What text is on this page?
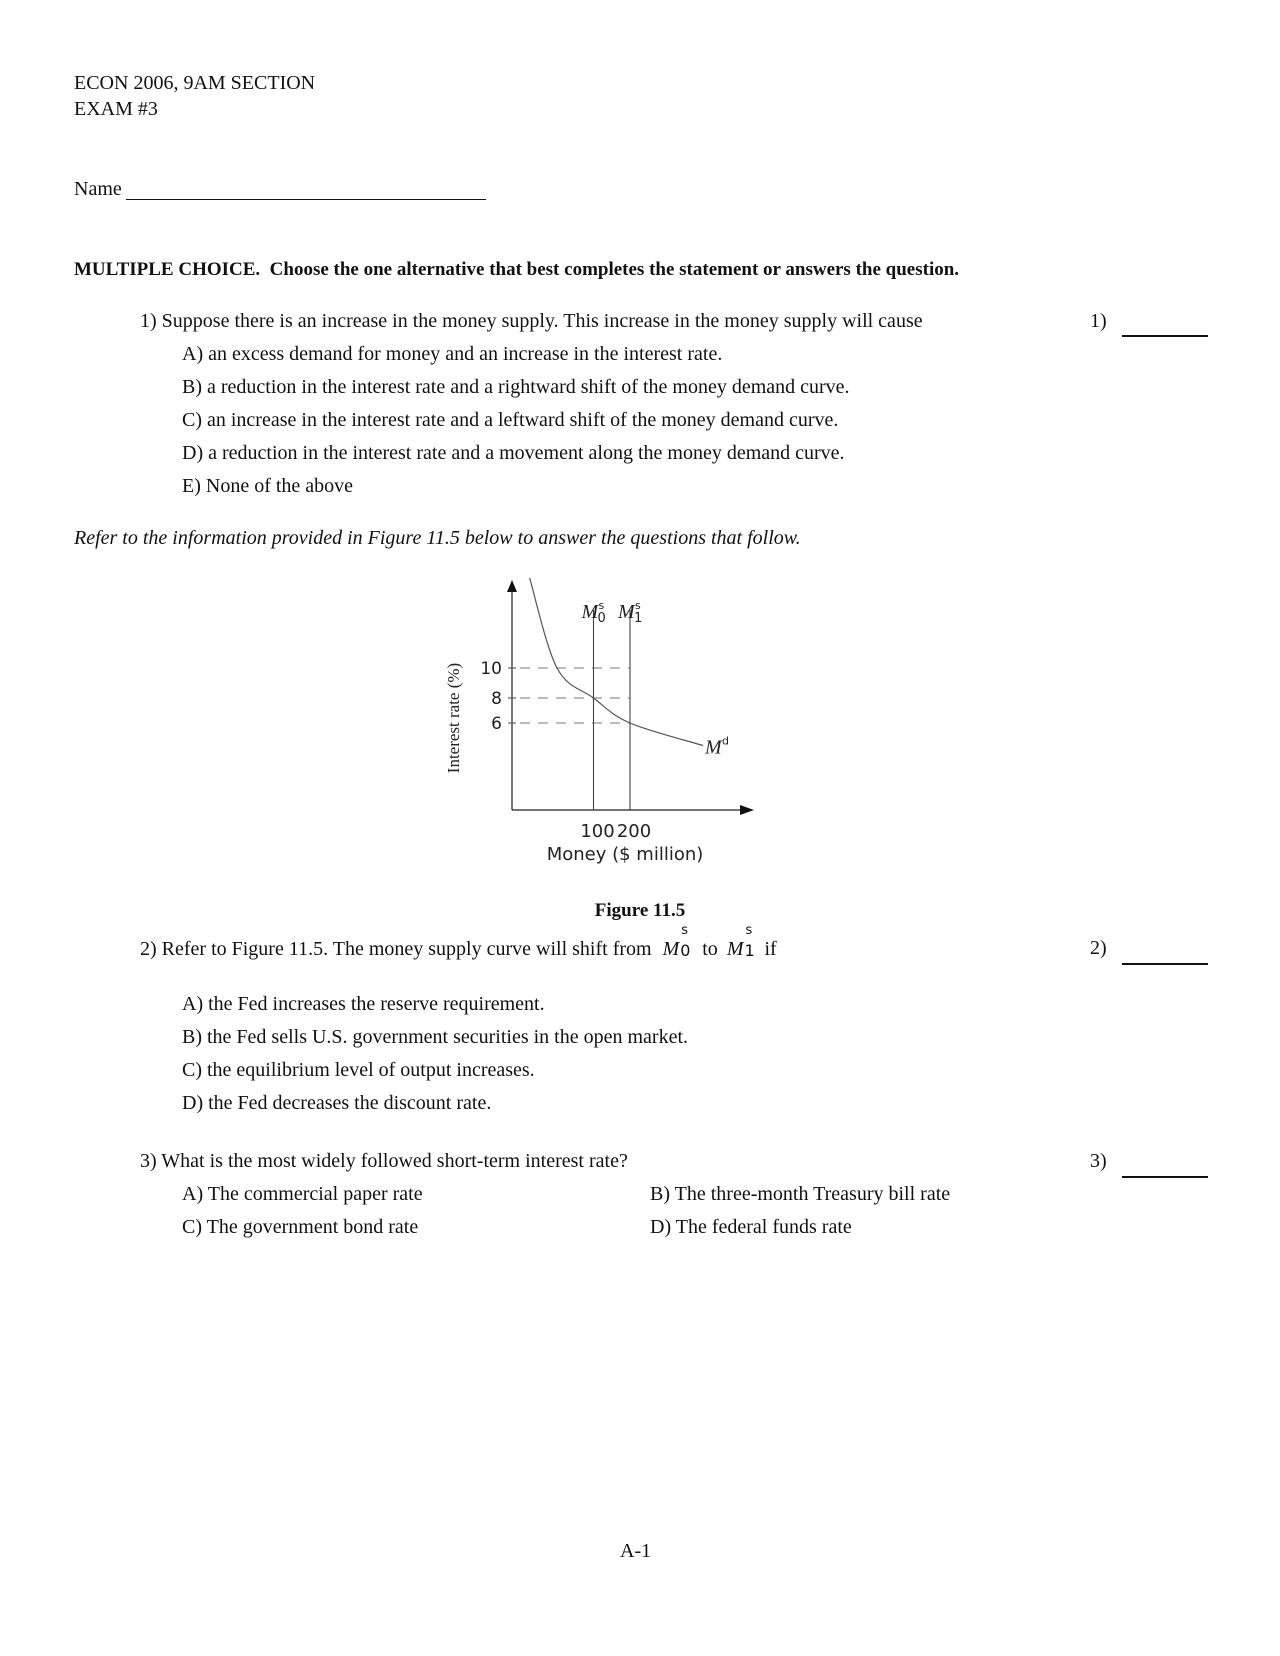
ECON 2006, 9AM SECTION
EXAM #3
Name
MULTIPLE CHOICE. Choose the one alternative that best completes the statement or answers the question.
1) Suppose there is an increase in the money supply. This increase in the money supply will cause	1)
A) an excess demand for money and an increase in the interest rate.
B) a reduction in the interest rate and a rightward shift of the money demand curve.
C) an increase in the interest rate and a leftward shift of the money demand curve.
D) a reduction in the interest rate and a movement along the money demand curve.
E) None of the above
Refer to the information provided in Figure 11.5 below to answer the questions that follow.
6
8
10
100 200
Money ($ million)
Interest rate (%)
M s
0 M s
1
M d
Figure 11.5
2) Refer to Figure 11.5. The money supply curve will shift from M
s
0 to M
s
1 if	2)
A) the Fed increases the reserve requirement.
B) the Fed sells U.S. government securities in the open market.
C) the equilibrium level of output increases.
D) the Fed decreases the discount rate.
3) What is the most widely followed short-term interest rate?	3)
A) The commercial paper rate	B) The three-month Treasury bill rate
C) The government bond rate	D) The federal funds rate
A-1
